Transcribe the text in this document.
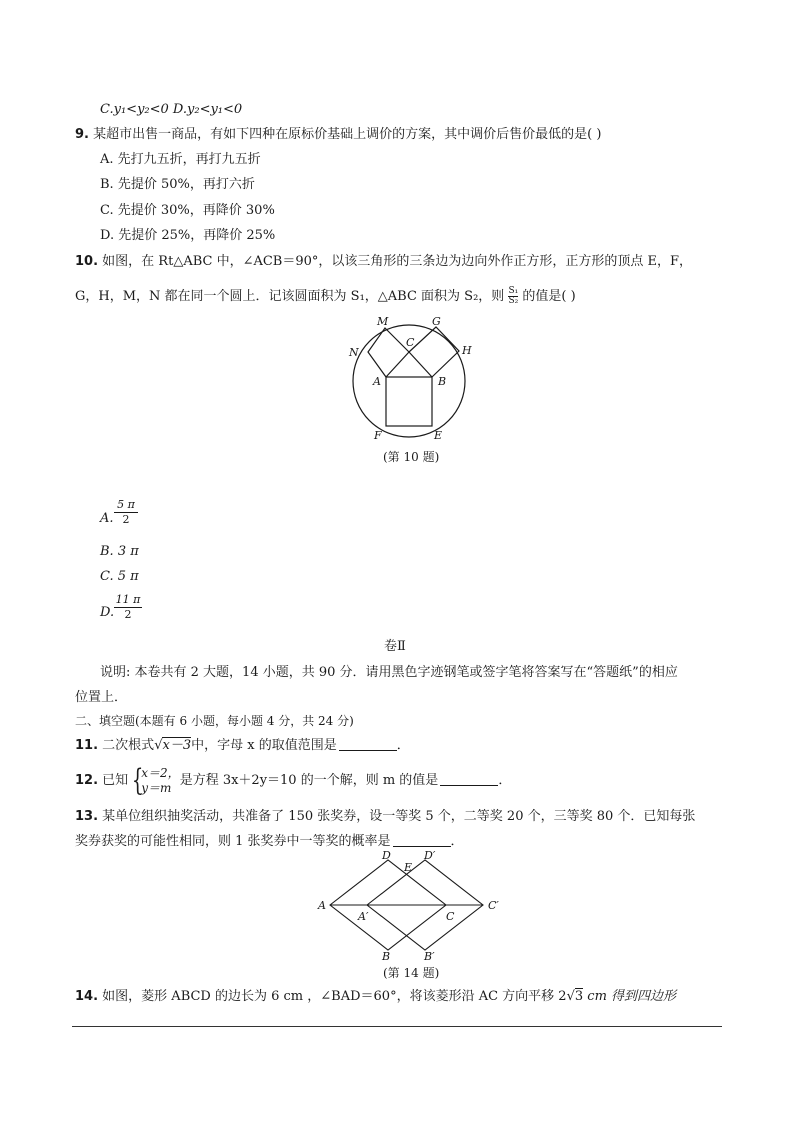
C.y₁<y₂<0 D.y₂<y₁<0
9. 某超市出售一商品，有如下四种在原标价基础上调价的方案，其中调价后售价最低的是( )
A. 先打九五折，再打九五折
B. 先提价 50%，再打六折
C. 先提价 30%，再降价 30%
D. 先提价 25%，再降价 25%
10. 如图，在 Rt△ABC 中，∠ACB＝90°，以该三角形的三条边为边向外作正方形，正方形的顶点 E，F，
G，H，M，N 都在同一个圆上．记该圆面积为 S₁，△ABC 面积为 S₂，则 $\frac{\text{S₁}}{\text{S₂}}$ 的值是( )
M	G
C
N	H
A	B
F	E
(第 10 题)
A. $\frac{5 \pi}{2}$
B. 3 π
C. 5 π
D. $\frac{11 \pi}{2}$
卷Ⅱ
说明: 本卷共有 2 大题，14 小题，共 90 分．请用黑色字迹钢笔或签字笔将答案写在“答题纸”的相应
位置上．
二、填空题(本题有 6 小题，每小题 4 分，共 24 分)
11. 二次根式√x－3中，字母 x 的取值范围是	．
12. 已知 {
x＝2，
y＝m 是方程 3x＋2y＝10 的一个解，则 m 的值是	．
13. 某单位组织抽奖活动，共准备了 150 张奖券，设一等奖 5 个，二等奖 20 个，三等奖 80 个．已知每张
奖券获奖的可能性相同，则 1 张奖券中一等奖的概率是	．
D
E
D′
A	C′
A′	C
B	B′
(第 14 题)
14. 如图，菱形 ABCD 的边长为 6 cm ，∠BAD＝60°，将该菱形沿 AC 方向平移 2√3 cm 得到四边形
